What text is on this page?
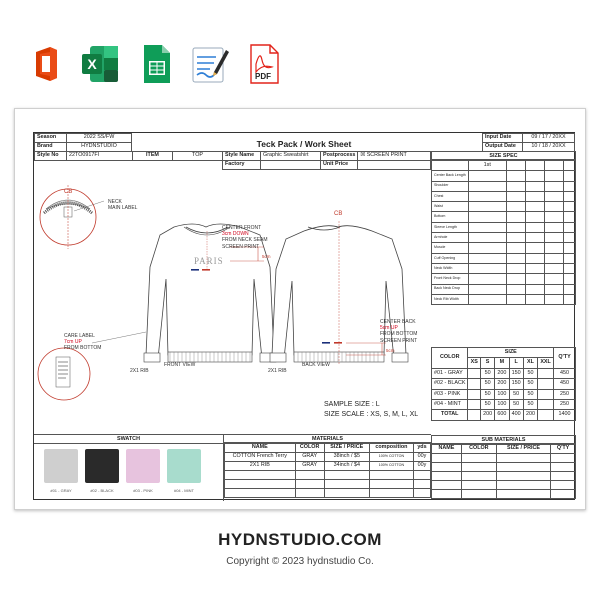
X
PDF
Season	2022 SS/FW
Brand	HYDNSTUDIO	Teck Pack / Work Sheet
Input Date	09 / 17 / 20XX
Output Date	10 / 18 / 20XX
Style No	22TO0917FI	ITEM	TOP	Style Name	Graphic Sweatshirt	Postprocess	☒ SCREEN PRINT
				Factory		Unit Price	
SIZE SPEC
	1st				
Center Back Length					
Shoulder					
Chest					
Waist					
Bottom					
Sleeve Length					
Armhole					
Muscle					
Cuff Opening					
Neck Width					
Front Neck Drop					
Back Neck Drop					
Neck Rib Width					
COLOR	SIZE						Q'TY
	XS	S	M	L	XL	XXL	
#01 - GRAY		50	200	150	50		450
#02 - BLACK		50	200	150	50		450
#03 - PINK		50	100	50	50		250
#04 - MINT		50	100	50	50		250
TOTAL		200	600	400	200		1400
SUB MATERIALS
NAME	COLOR	SIZE / PRICE	Q'TY

CB
PARIS	5cm
CB
5cm
NECK
MAIN LABEL
CENTER FRONT
3cm DOWN
FROM NECK SEAM
SCREEN PRINT
CARE LABEL
7cm UP
FROM BOTTOM
CENTER BACK
5cm UP
FROM BOTTOM
SCREEN PRINT
2X1 RIB
FRONT VIEW
2X1 RIB
BACK VIEW
SAMPLE SIZE : L
SIZE SCALE : XS, S, M, L, XL
SWATCH
#01 - GRAY	#02 - BLACK	#03 - PINK	#04 - MINT
MATERIALS
NAME	COLOR	SIZE / PRICE	composition	yds
COTTON French Terry	GRAY	38inch / $5	100% COTTON	00y
2X1 RIB	GRAY	34inch / $4	100% COTTON	00y

HYDNSTUDIO.COM
Copyright © 2023 hydnstudio Co.
